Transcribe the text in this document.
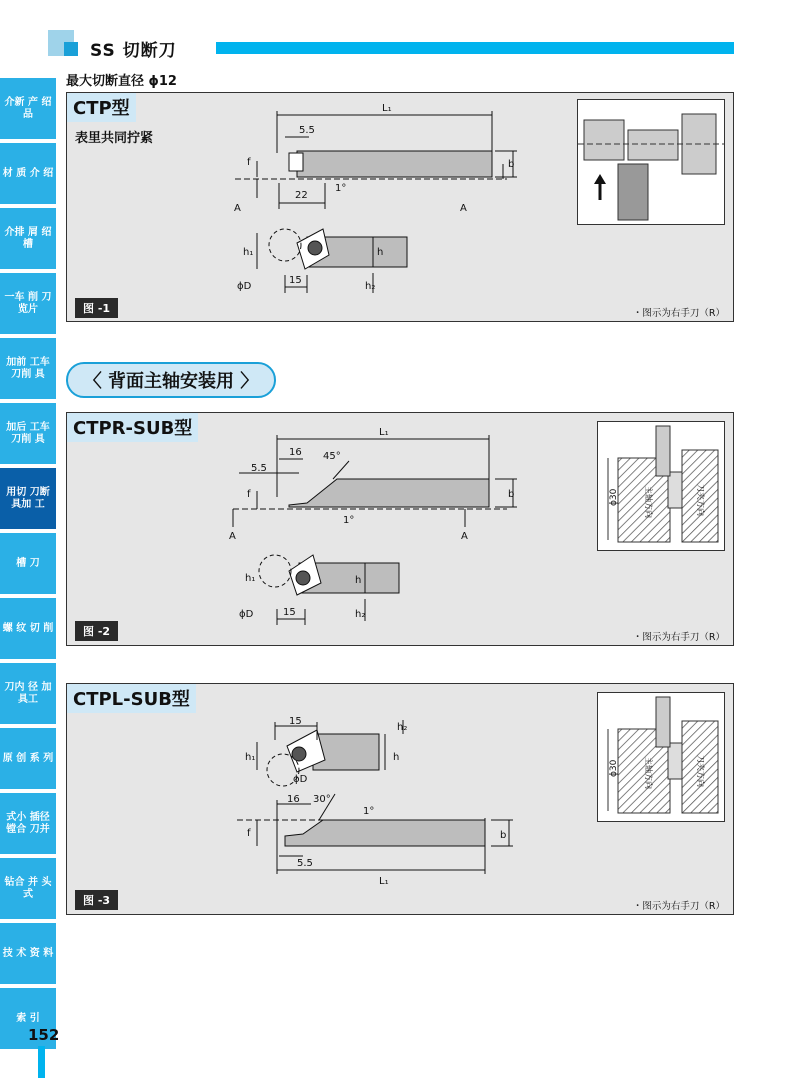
SS 切断刀
最大切断直径 ϕ12
介新 产 绍品
材 质 介 绍
介排 屑 绍槽
一车 削 刀 览片
加前 工车 刀削 具
加后 工车 刀削 具
用切 刀断 具加 工
槽 刀
螺 纹 切 削
刀内 径 加 具工
原 创 系 列
式小 插径 镗合 刀并
钻合 并 头式
技 术 资 料
索 引
152
CTP型
表里共同拧紧
L₁
5.5
22
b
f
1°
h₁	h
h₂
15
ϕD
A	A
图 -1	・图示为右手刀（R）
〈 背面主轴安装用 〉
CTPR-SUB型	L₁
16 45°
5.5
b
f
1°
h₁	h
h₂
15
ϕD
A	A
ϕ30	主轴方向	刀夹方向
图 -2	・图示为右手刀（R）
CTPL-SUB型
15
h₁	h
h₂
ϕD
16 30°
1°
f	b
5.5
L₁
ϕ30	主轴方向	刀夹方向
图 -3	・图示为右手刀（R）
